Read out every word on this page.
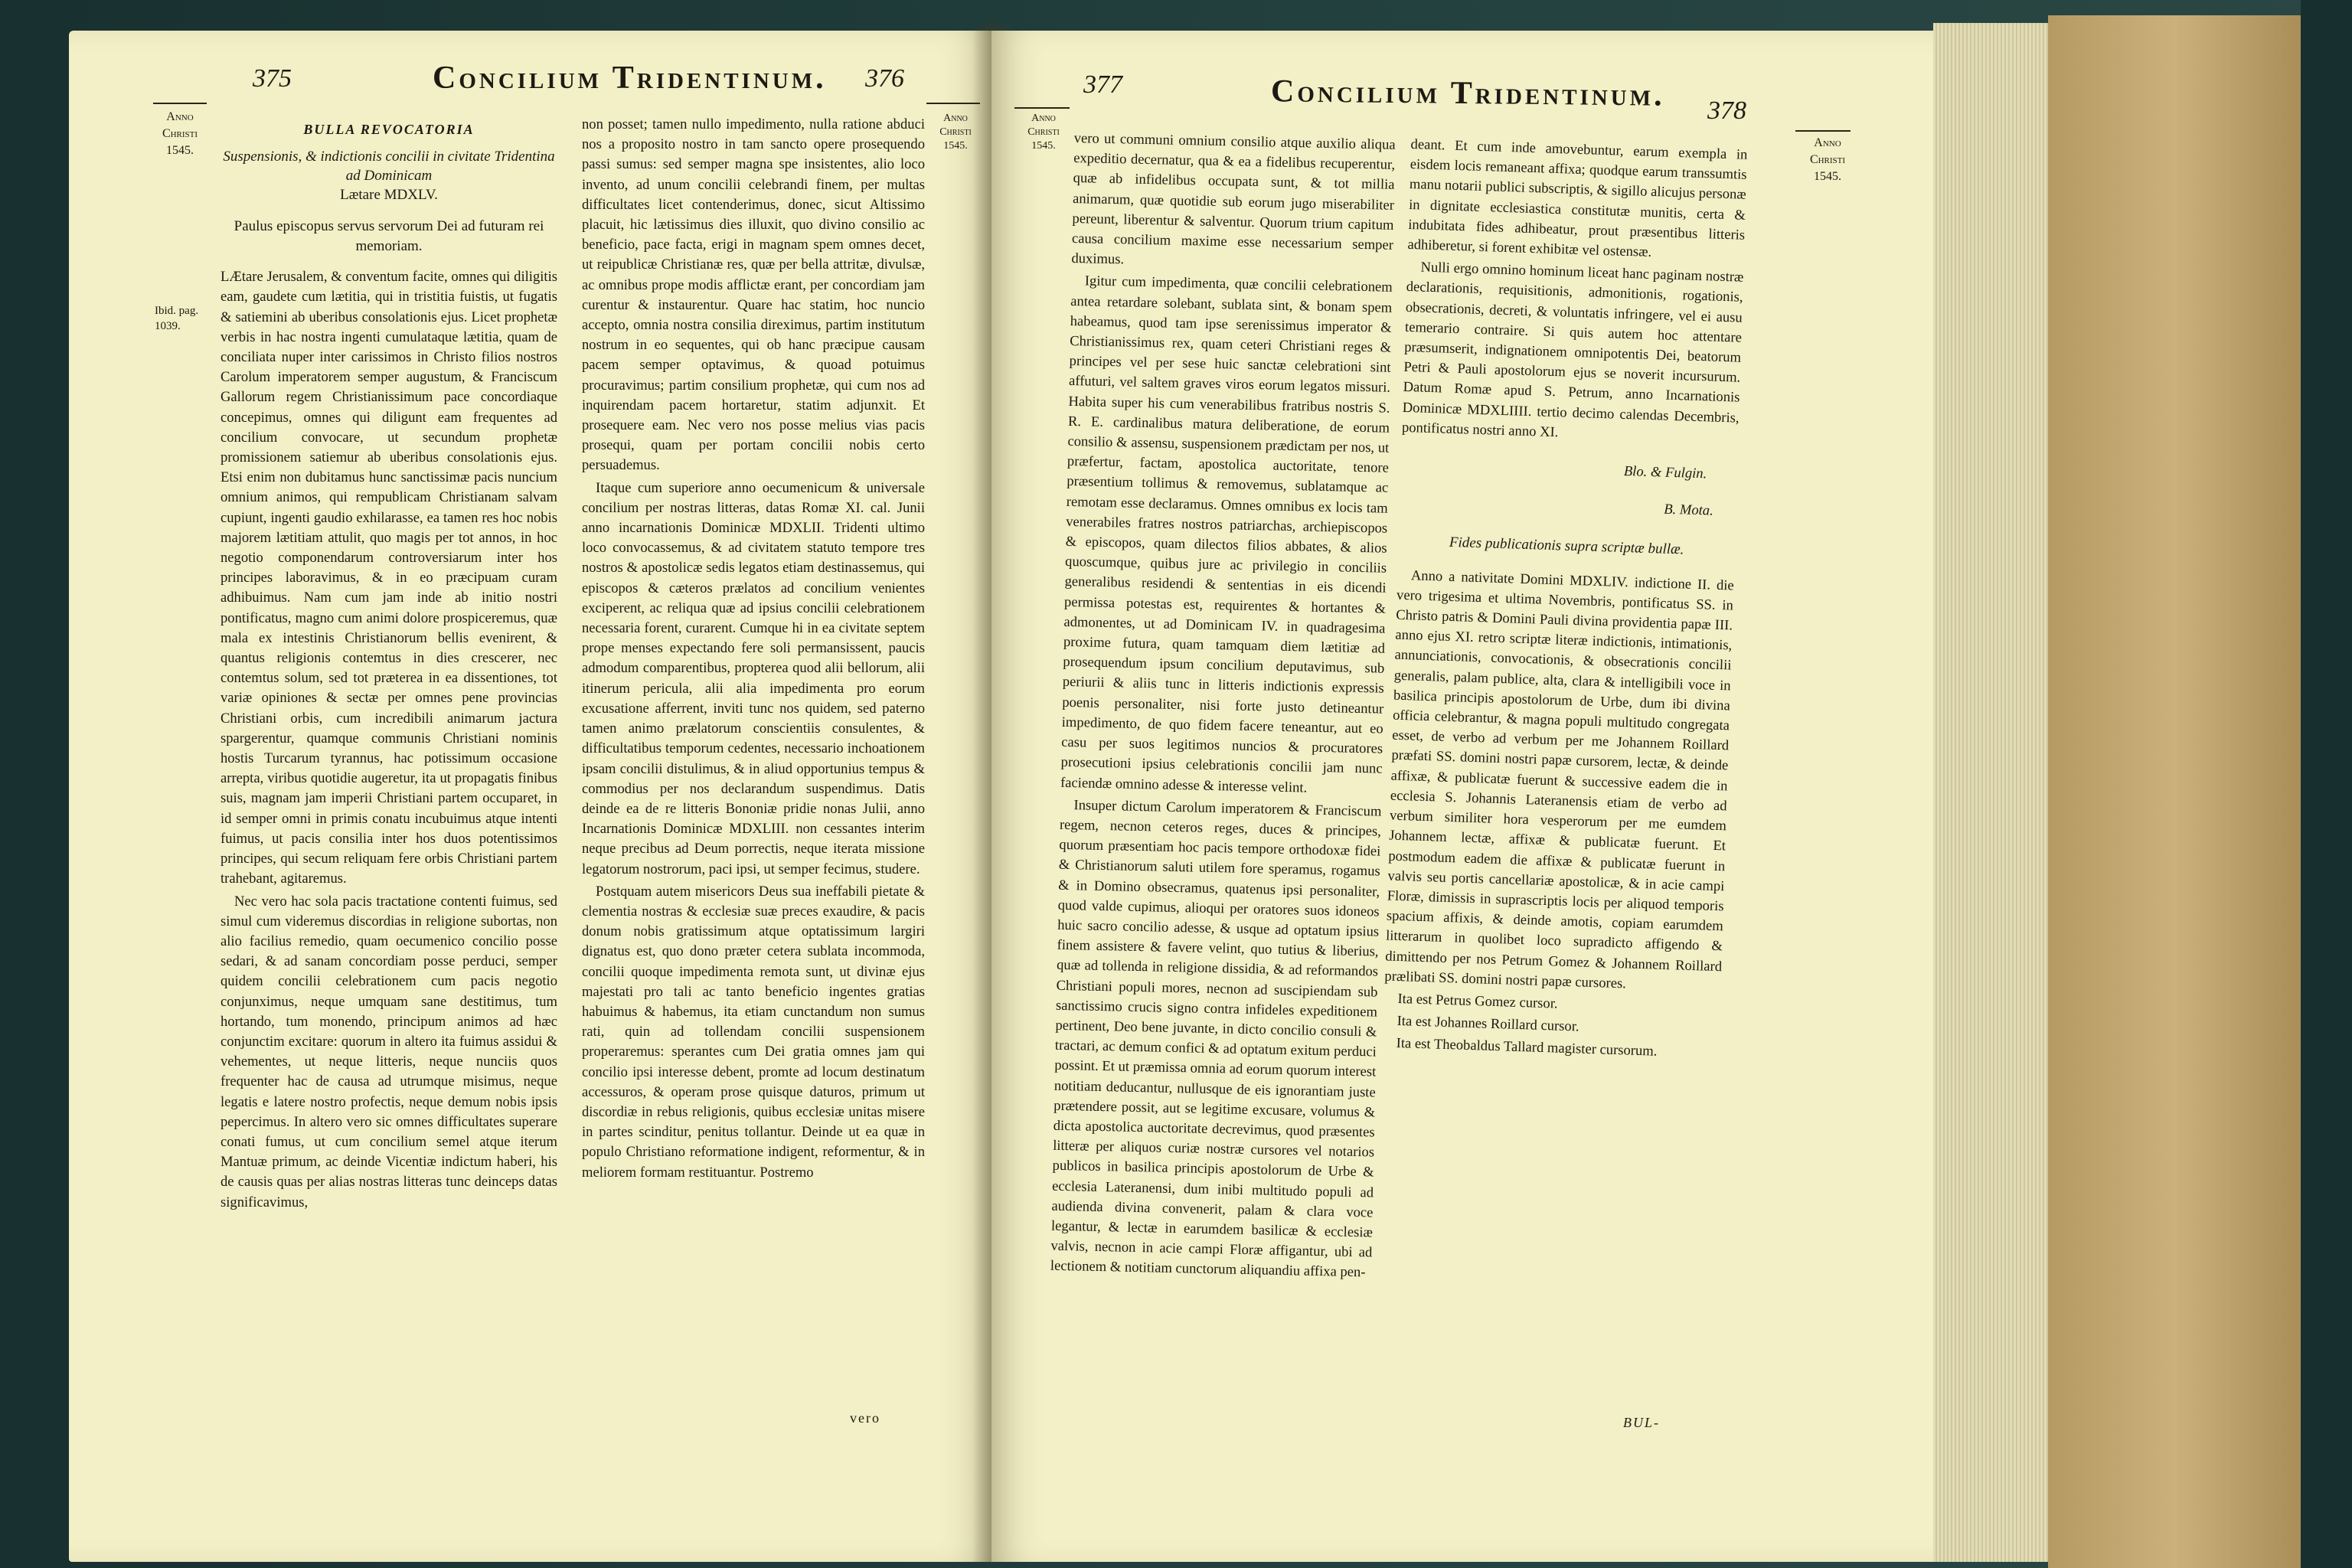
375	Concilium Tridentinum. 376
Anno
Christi
1545.
Ibid. pag.
1039.
Anno
Christi
1545.
BULLA REVOCATORIA
Suspensionis, & indictionis concilii in civitate Tridentina ad Dominicam
Lætare MDXLV.
Paulus episcopus servus servorum Dei ad futuram rei memoriam.

LÆtare Jerusalem, & conventum facite, omnes qui diligitis eam, gaudete cum lætitia, qui in tristitia fuistis, ut fugatis & satiemini ab uberibus consolationis ejus. Licet prophetæ verbis in hac nostra ingenti cumulataque lætitia, quam de conciliata nuper inter carissimos in Christo filios nostros Carolum imperatorem semper augustum, & Franciscum Gallorum regem Christianissimum pace concordiaque concepimus, omnes qui diligunt eam frequentes ad concilium convocare, ut secundum prophetæ promissionem satiemur ab uberibus consolationis ejus. Etsi enim non dubitamus hunc sanctissimæ pacis nuncium omnium animos, qui rempublicam Christianam salvam cupiunt, ingenti gaudio exhilarasse, ea tamen res hoc nobis majorem lætitiam attulit, quo magis per tot annos, in hoc negotio componendarum controversiarum inter hos principes laboravimus, & in eo præcipuam curam adhibuimus. Nam cum jam inde ab initio nostri pontificatus, magno cum animi dolore prospiceremus, quæ mala ex intestinis Christianorum bellis evenirent, & quantus religionis contemtus in dies crescerer, nec contemtus solum, sed tot præterea in ea dissentiones, tot variæ opiniones & sectæ per omnes pene provincias Christiani orbis, cum incredibili animarum jactura spargerentur, quamque communis Christiani nominis hostis Turcarum tyrannus, hac potissimum occasione arrepta, viribus quotidie augeretur, ita ut propagatis finibus suis, magnam jam imperii Christiani partem occuparet, in id semper omni in primis conatu incubuimus atque intenti fuimus, ut pacis consilia inter hos duos potentissimos principes, qui secum reliquam fere orbis Christiani partem trahebant, agitaremus.

Nec vero hac sola pacis tractatione contenti fuimus, sed simul cum videremus discordias in religione subortas, non alio facilius remedio, quam oecumenico concilio posse sedari, & ad sanam concordiam posse perduci, semper quidem concilii celebrationem cum pacis negotio conjunximus, neque umquam sane destitimus, tum hortando, tum monendo, principum animos ad hæc conjunctim excitare: quorum in altero ita fuimus assidui & vehementes, ut neque litteris, neque nunciis quos frequenter hac de causa ad utrumque misimus, neque legatis e latere nostro profectis, neque demum nobis ipsis pepercimus. In altero vero sic omnes difficultates superare conati fumus, ut cum concilium semel atque iterum Mantuæ primum, ac deinde Vicentiæ indictum haberi, his de causis quas per alias nostras litteras tunc deinceps datas significavimus,

non posset; tamen nullo impedimento, nulla ratione abduci nos a proposito nostro in tam sancto opere prosequendo passi sumus: sed semper magna spe insistentes, alio loco invento, ad unum concilii celebrandi finem, per multas difficultates licet contenderimus, donec, sicut Altissimo placuit, hic lætissimus dies illuxit, quo divino consilio ac beneficio, pace facta, erigi in magnam spem omnes decet, ut reipublicæ Christianæ res, quæ per bella attritæ, divulsæ, ac omnibus prope modis afflictæ erant, per concordiam jam curentur & instaurentur. Quare hac statim, hoc nuncio accepto, omnia nostra consilia direximus, partim institutum nostrum in eo sequentes, qui ob hanc præcipue causam pacem semper optavimus, & quoad potuimus procuravimus; partim consilium prophetæ, qui cum nos ad inquirendam pacem hortaretur, statim adjunxit. Et prosequere eam. Nec vero nos posse melius vias pacis prosequi, quam per portam concilii nobis certo persuademus.

Itaque cum superiore anno oecumenicum & universale concilium per nostras litteras, datas Romæ XI. cal. Junii anno incarnationis Dominicæ MDXLII. Tridenti ultimo loco convocassemus, & ad civitatem statuto tempore tres nostros & apostolicæ sedis legatos etiam destinassemus, qui episcopos & cæteros prælatos ad concilium venientes exciperent, ac reliqua quæ ad ipsius concilii celebrationem necessaria forent, curarent. Cumque hi in ea civitate septem prope menses expectando fere soli permansissent, paucis admodum comparentibus, propterea quod alii bellorum, alii itinerum pericula, alii alia impedimenta pro eorum excusatione afferrent, inviti tunc nos quidem, sed paterno tamen animo prælatorum conscientiis consulentes, & difficultatibus temporum cedentes, necessario inchoationem ipsam concilii distulimus, & in aliud opportunius tempus & commodius per nos declarandum suspendimus. Datis deinde ea de re litteris Bononiæ pridie nonas Julii, anno Incarnationis Dominicæ MDXLIII. non cessantes interim neque precibus ad Deum porrectis, neque iterata missione legatorum nostrorum, paci ipsi, ut semper fecimus, studere.

Postquam autem misericors Deus sua ineffabili pietate & clementia nostras & ecclesiæ suæ preces exaudire, & pacis donum nobis gratissimum atque optatissimum largiri dignatus est, quo dono præter cetera sublata incommoda, concilii quoque impedimenta remota sunt, ut divinæ ejus majestati pro tali ac tanto beneficio ingentes gratias habuimus & habemus, ita etiam cunctandum non sumus rati, quin ad tollendam concilii suspensionem properaremus: sperantes cum Dei gratia omnes jam qui concilio ipsi interesse debent, promte ad locum destinatum accessuros, & operam prose quisque daturos, primum ut discordiæ in rebus religionis, quibus ecclesiæ unitas misere in partes scinditur, penitus tollantur. Deinde ut ea quæ in populo Christiano reformatione indigent, reformentur, & in meliorem formam restituantur. Postremo

vero
377	Concilium Tridentinum. 378
Anno
Christi
1545.	Anno
Christi
1545.

vero ut communi omnium consilio atque auxilio aliqua expeditio decernatur, qua & ea a fidelibus recuperentur, quæ ab infidelibus occupata sunt, & tot millia animarum, quæ quotidie sub eorum jugo miserabiliter pereunt, liberentur & salventur. Quorum trium capitum causa concilium maxime esse necessarium semper duximus.

Igitur cum impedimenta, quæ concilii celebrationem antea retardare solebant, sublata sint, & bonam spem habeamus, quod tam ipse serenissimus imperator & Christianissimus rex, quam ceteri Christiani reges & principes vel per sese huic sanctæ celebrationi sint affuturi, vel saltem graves viros eorum legatos missuri. Habita super his cum venerabilibus fratribus nostris S. R. E. cardinalibus matura deliberatione, de eorum consilio & assensu, suspensionem prædictam per nos, ut præfertur, factam, apostolica auctoritate, tenore præsentium tollimus & removemus, sublatamque ac remotam esse declaramus. Omnes omnibus ex locis tam venerabiles fratres nostros patriarchas, archiepiscopos & episcopos, quam dilectos filios abbates, & alios quoscumque, quibus jure ac privilegio in conciliis generalibus residendi & sententias in eis dicendi permissa potestas est, requirentes & hortantes & admonentes, ut ad Dominicam IV. in quadragesima proxime futura, quam tamquam diem lætitiæ ad prosequendum ipsum concilium deputavimus, sub periurii & aliis tunc in litteris indictionis expressis poenis personaliter, nisi forte justo detineantur impedimento, de quo fidem facere teneantur, aut eo casu per suos legitimos nuncios & procuratores prosecutioni ipsius celebrationis concilii jam nunc faciendæ omnino adesse & interesse velint.

Insuper dictum Carolum imperatorem & Franciscum regem, necnon ceteros reges, duces & principes, quorum præsentiam hoc pacis tempore orthodoxæ fidei & Christianorum saluti utilem fore speramus, rogamus & in Domino obsecramus, quatenus ipsi personaliter, quod valde cupimus, alioqui per oratores suos idoneos huic sacro concilio adesse, & usque ad optatum ipsius finem assistere & favere velint, quo tutius & liberius, quæ ad tollenda in religione dissidia, & ad reformandos Christiani populi mores, necnon ad suscipiendam sub sanctissimo crucis signo contra infideles expeditionem pertinent, Deo bene juvante, in dicto concilio consuli & tractari, ac demum confici & ad optatum exitum perduci possint. Et ut præmissa omnia ad eorum quorum interest notitiam deducantur, nullusque de eis ignorantiam juste prætendere possit, aut se legitime excusare, volumus & dicta apostolica auctoritate decrevimus, quod præsentes litteræ per aliquos curiæ nostræ cursores vel notarios publicos in basilica principis apostolorum de Urbe & ecclesia Lateranensi, dum inibi multitudo populi ad audienda divina convenerit, palam & clara voce legantur, & lectæ in earumdem basilicæ & ecclesiæ valvis, necnon in acie campi Floræ affigantur, ubi ad lectionem & notitiam cunctorum aliquandiu affixa pen-

deant. Et cum inde amovebuntur, earum exempla in eisdem locis remaneant affixa; quodque earum transsumtis manu notarii publici subscriptis, & sigillo alicujus personæ in dignitate ecclesiastica constitutæ munitis, certa & indubitata fides adhibeatur, prout præsentibus litteris adhiberetur, si forent exhibitæ vel ostensæ.

Nulli ergo omnino hominum liceat hanc paginam nostræ declarationis, requisitionis, admonitionis, rogationis, obsecrationis, decreti, & voluntatis infringere, vel ei ausu temerario contraire. Si quis autem hoc attentare præsumserit, indignationem omnipotentis Dei, beatorum Petri & Pauli apostolorum ejus se noverit incursurum. Datum Romæ apud S. Petrum, anno Incarnationis Dominicæ MDXLIIII. tertio decimo calendas Decembris, pontificatus nostri anno XI.

Blo. & Fulgin.
B. Mota.
Fides publicationis supra scriptæ bullæ.

Anno a nativitate Domini MDXLIV. indictione II. die vero trigesima et ultima Novembris, pontificatus SS. in Christo patris & Domini Pauli divina providentia papæ III. anno ejus XI. retro scriptæ literæ indictionis, intimationis, annunciationis, convocationis, & obsecrationis concilii generalis, palam publice, alta, clara & intelligibili voce in basilica principis apostolorum de Urbe, dum ibi divina officia celebrantur, & magna populi multitudo congregata esset, de verbo ad verbum per me Johannem Roillard præfati SS. domini nostri papæ cursorem, lectæ, & deinde affixæ, & publicatæ fuerunt & successive eadem die in ecclesia S. Johannis Lateranensis etiam de verbo ad verbum similiter hora vesperorum per me eumdem Johannem lectæ, affixæ & publicatæ fuerunt. Et postmodum eadem die affixæ & publicatæ fuerunt in valvis seu portis cancellariæ apostolicæ, & in acie campi Floræ, dimissis in suprascriptis locis per aliquod temporis spacium affixis, & deinde amotis, copiam earumdem litterarum in quolibet loco supradicto affigendo & dimittendo per nos Petrum Gomez & Johannem Roillard prælibati SS. domini nostri papæ cursores.

Ita est Petrus Gomez cursor.

Ita est Johannes Roillard cursor.

Ita est Theobaldus Tallard magister cursorum.

BUL-
